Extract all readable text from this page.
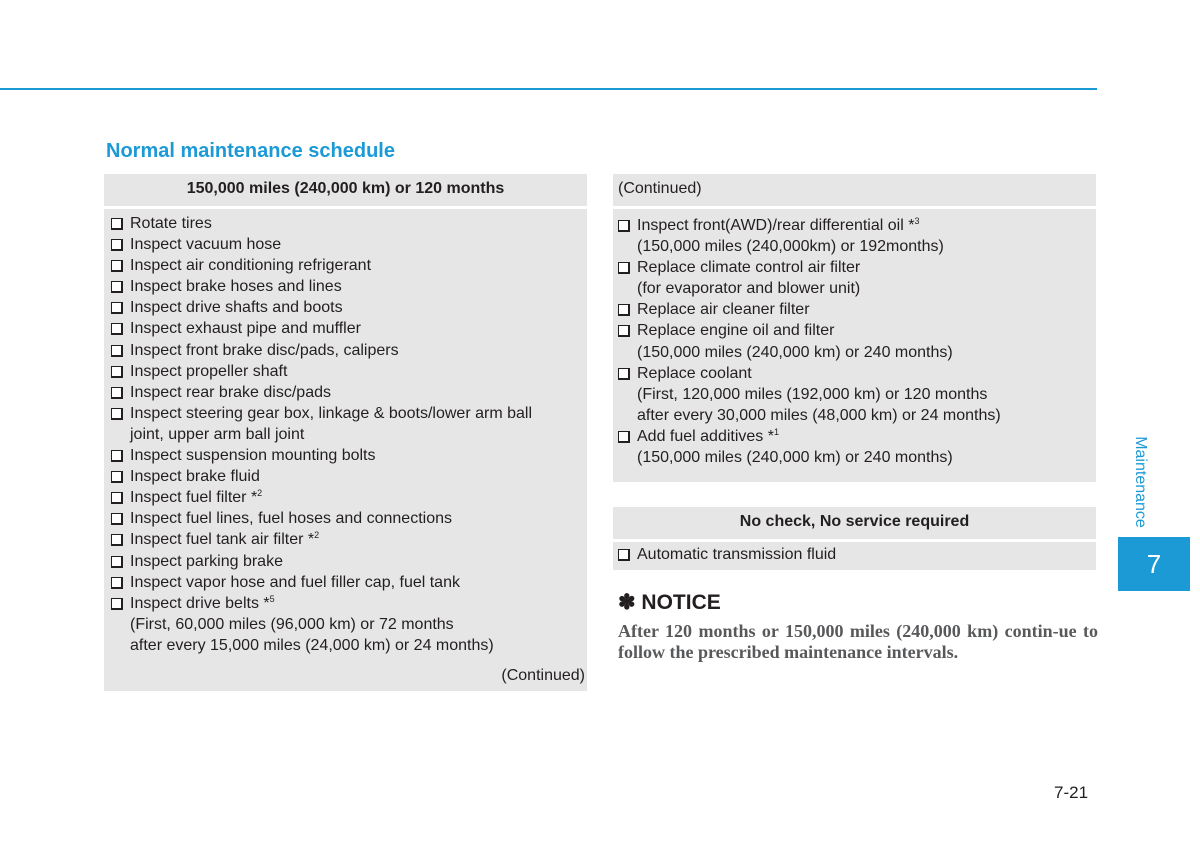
Normal maintenance schedule
150,000 miles (240,000 km) or 120 months
Rotate tires
Inspect vacuum hose
Inspect air conditioning refrigerant
Inspect brake hoses and lines
Inspect drive shafts and boots
Inspect exhaust pipe and muffler
Inspect front brake disc/pads, calipers
Inspect propeller shaft
Inspect rear brake disc/pads
Inspect steering gear box, linkage & boots/lower arm ball
joint, upper arm ball joint
Inspect suspension mounting bolts
Inspect brake fluid
Inspect fuel filter *$^2$
Inspect fuel lines, fuel hoses and connections
Inspect fuel tank air filter *$^2$
Inspect parking brake
Inspect vapor hose and fuel filler cap, fuel tank
Inspect drive belts *$^5$
(First, 60,000 miles (96,000 km) or 72 months
after every 15,000 miles (24,000 km) or 24 months)
(Continued)
(Continued)
Inspect front(AWD)/rear differential oil *$^3$
(150,000 miles (240,000km) or 192months)
Replace climate control air filter
(for evaporator and blower unit)
Replace air cleaner filter
Replace engine oil and filter
(150,000 miles (240,000 km) or 240 months)
Replace coolant
(First, 120,000 miles (192,000 km) or 120 months
after every 30,000 miles (48,000 km) or 24 months)
Add fuel additives *$^1$
(150,000 miles (240,000 km) or 240 months)
No check, No service required
Automatic transmission fluid
✽ NOTICE
After 120 months or 150,000 miles (240,000 km) contin-ue to follow the prescribed maintenance intervals.
Maintenance
7
7-21
